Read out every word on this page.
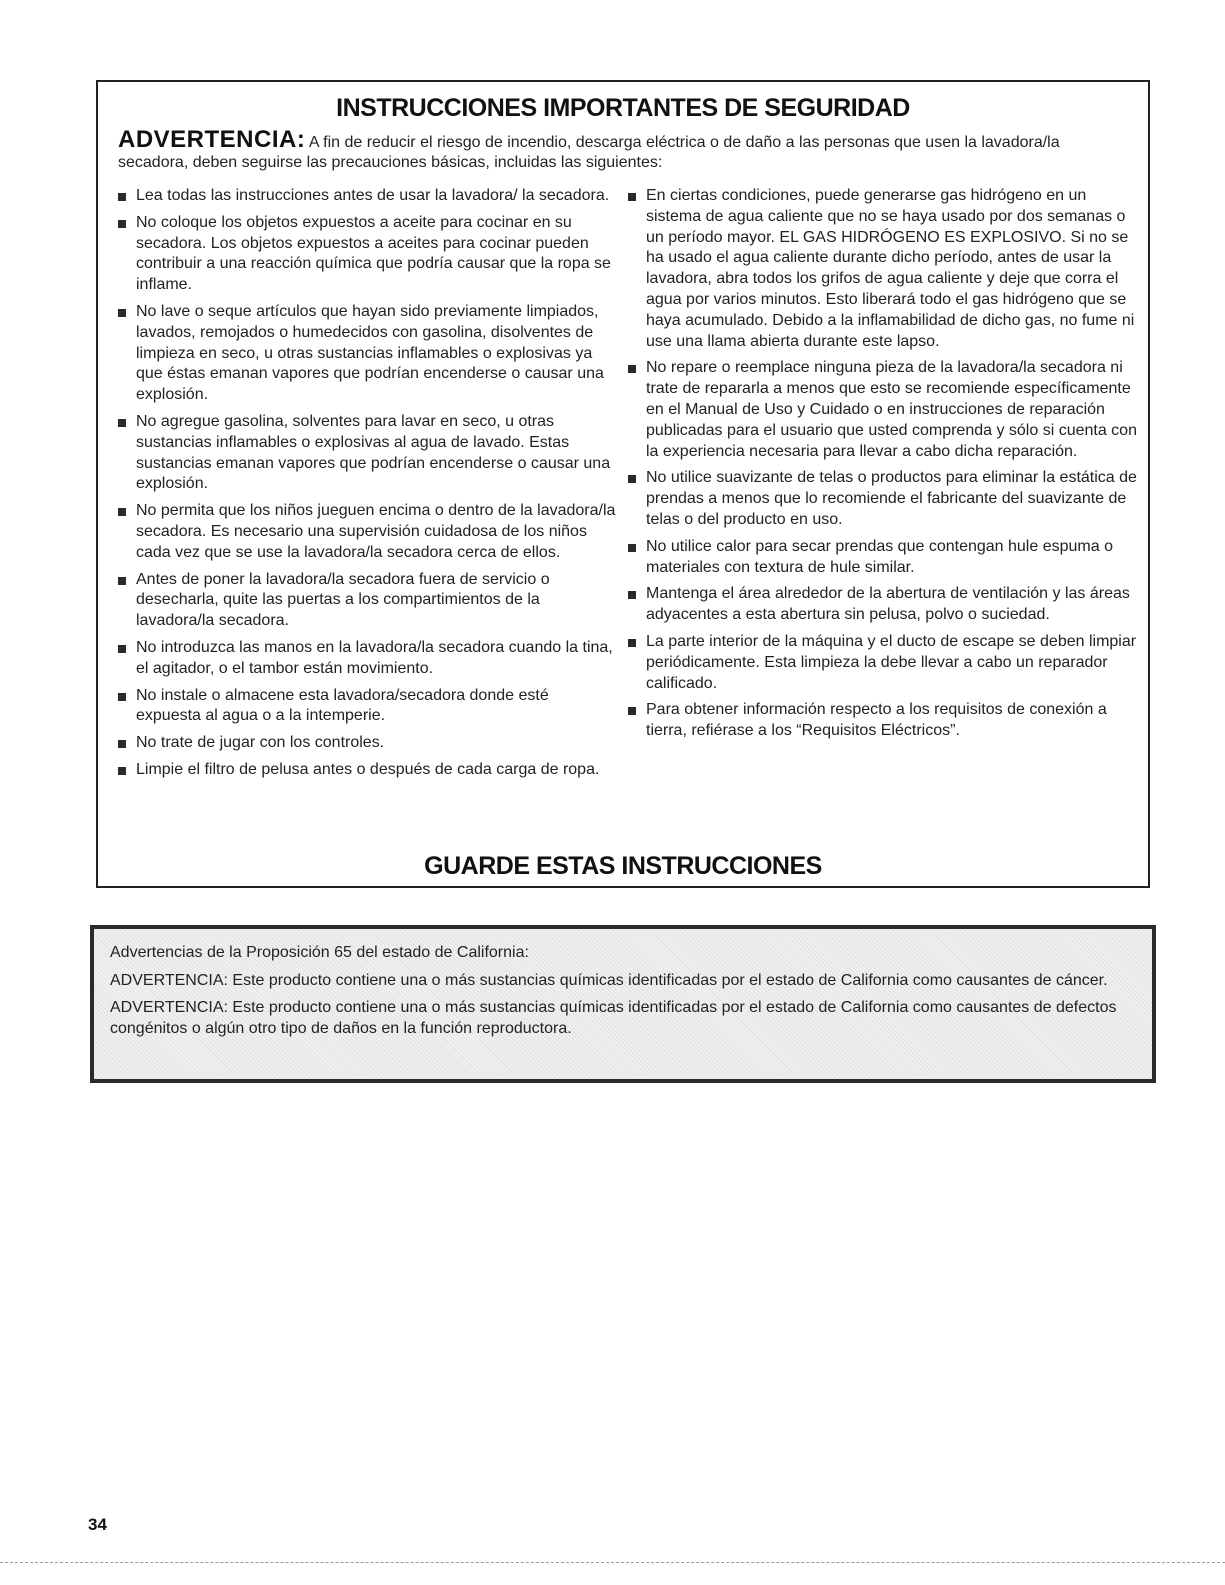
INSTRUCCIONES IMPORTANTES DE SEGURIDAD
ADVERTENCIA: A fin de reducir el riesgo de incendio, descarga eléctrica o de daño a las personas que usen la lavadora/la secadora, deben seguirse las precauciones básicas, incluidas las siguientes:
Lea todas las instrucciones antes de usar la lavadora/ la secadora.
No coloque los objetos expuestos a aceite para cocinar en su secadora. Los objetos expuestos a aceites para cocinar pueden contribuir a una reacción química que podría causar que la ropa se inflame.
No lave o seque artículos que hayan sido previamente limpiados, lavados, remojados o humedecidos con gasolina, disolventes de limpieza en seco, u otras sustancias inflamables o explosivas ya que éstas emanan vapores que podrían encenderse o causar una explosión.
No agregue gasolina, solventes para lavar en seco, u otras sustancias inflamables o explosivas al agua de lavado. Estas sustancias emanan vapores que podrían encenderse o causar una explosión.
No permita que los niños jueguen encima o dentro de la lavadora/la secadora. Es necesario una supervisión cuidadosa de los niños cada vez que se use la lavadora/la secadora cerca de ellos.
Antes de poner la lavadora/la secadora fuera de servicio o desecharla, quite las puertas a los compartimientos de la lavadora/la secadora.
No introduzca las manos en la lavadora/la secadora cuando la tina, el agitador, o el tambor están movimiento.
No instale o almacene esta lavadora/secadora donde esté expuesta al agua o a la intemperie.
No trate de jugar con los controles.
Limpie el filtro de pelusa antes o después de cada carga de ropa.
En ciertas condiciones, puede generarse gas hidrógeno en un sistema de agua caliente que no se haya usado por dos semanas o un período mayor. EL GAS HIDRÓGENO ES EXPLOSIVO. Si no se ha usado el agua caliente durante dicho período, antes de usar la lavadora, abra todos los grifos de agua caliente y deje que corra el agua por varios minutos. Esto liberará todo el gas hidrógeno que se haya acumulado. Debido a la inflamabilidad de dicho gas, no fume ni use una llama abierta durante este lapso.
No repare o reemplace ninguna pieza de la lavadora/la secadora ni trate de repararla a menos que esto se recomiende específicamente en el Manual de Uso y Cuidado o en instrucciones de reparación publicadas para el usuario que usted comprenda y sólo si cuenta con la experiencia necesaria para llevar a cabo dicha reparación.
No utilice suavizante de telas o productos para eliminar la estática de prendas a menos que lo recomiende el fabricante del suavizante de telas o del producto en uso.
No utilice calor para secar prendas que contengan hule espuma o materiales con textura de hule similar.
Mantenga el área alrededor de la abertura de ventilación y las áreas adyacentes a esta abertura sin pelusa, polvo o suciedad.
La parte interior de la máquina y el ducto de escape se deben limpiar periódicamente. Esta limpieza la debe llevar a cabo un reparador calificado.
Para obtener información respecto a los requisitos de conexión a tierra, refiérase a los “Requisitos Eléctricos”.
GUARDE ESTAS INSTRUCCIONES

Advertencias de la Proposición 65 del estado de California:

ADVERTENCIA: Este producto contiene una o más sustancias químicas identificadas por el estado de California como causantes de cáncer.

ADVERTENCIA: Este producto contiene una o más sustancias químicas identificadas por el estado de California como causantes de defectos congénitos o algún otro tipo de daños en la función reproductora.

34
